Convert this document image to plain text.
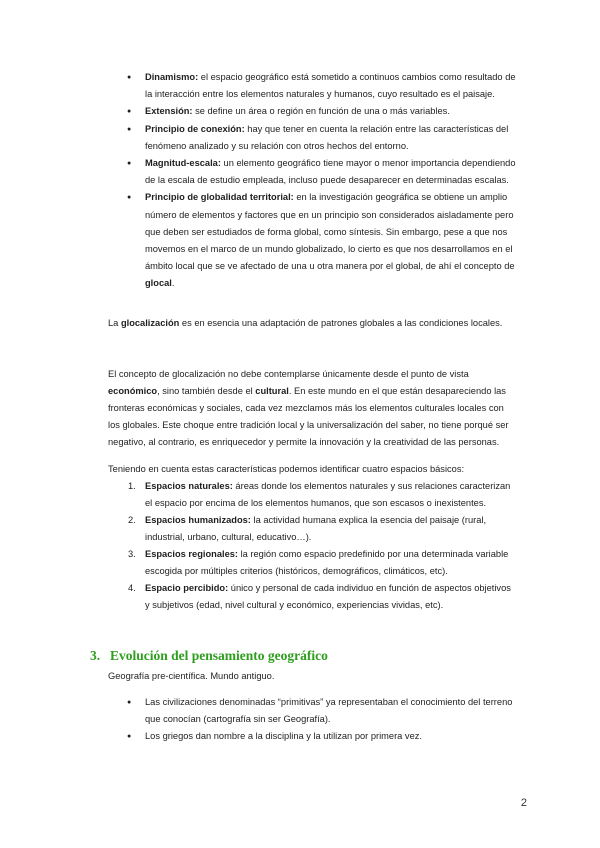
● Dinamismo: el espacio geográfico está sometido a continuos cambios como resultado de la interacción entre los elementos naturales y humanos, cuyo resultado es el paisaje.
● Extensión: se define un área o región en función de una o más variables.
● Principio de conexión: hay que tener en cuenta la relación entre las características del fenómeno analizado y su relación con otros hechos del entorno.
● Magnitud-escala: un elemento geográfico tiene mayor o menor importancia dependiendo de la escala de estudio empleada, incluso puede desaparecer en determinadas escalas.
● Principio de globalidad territorial: en la investigación geográfica se obtiene un amplio número de elementos y factores que en un principio son considerados aisladamente pero que deben ser estudiados de forma global, como síntesis. Sin embargo, pese a que nos movemos en el marco de un mundo globalizado, lo cierto es que nos desarrollamos en el ámbito local que se ve afectado de una u otra manera por el global, de ahí el concepto de glocal.
La glocalización es en esencia una adaptación de patrones globales a las condiciones locales.
El concepto de glocalización no debe contemplarse únicamente desde el punto de vista económico, sino también desde el cultural. En este mundo en el que están desapareciendo las fronteras económicas y sociales, cada vez mezclamos más los elementos culturales locales con los globales. Este choque entre tradición local y la universalización del saber, no tiene porqué ser negativo, al contrario, es enriquecedor y permite la innovación y la creatividad de las personas.
Teniendo en cuenta estas características podemos identificar cuatro espacios básicos:
1. Espacios naturales: áreas donde los elementos naturales y sus relaciones caracterizan el espacio por encima de los elementos humanos, que son escasos o inexistentes.
2. Espacios humanizados: la actividad humana explica la esencia del paisaje (rural, industrial, urbano, cultural, educativo…).
3. Espacios regionales: la región como espacio predefinido por una determinada variable escogida por múltiples criterios (históricos, demográficos, climáticos, etc).
4. Espacio percibido: único y personal de cada individuo en función de aspectos objetivos y subjetivos (edad, nivel cultural y económico, experiencias vividas, etc).
3. Evolución del pensamiento geográfico
Geografía pre-científica. Mundo antiguo.
● Las civilizaciones denominadas “primitivas” ya representaban el conocimiento del terreno que conocían (cartografía sin ser Geografía).
● Los griegos dan nombre a la disciplina y la utilizan por primera vez.
2
